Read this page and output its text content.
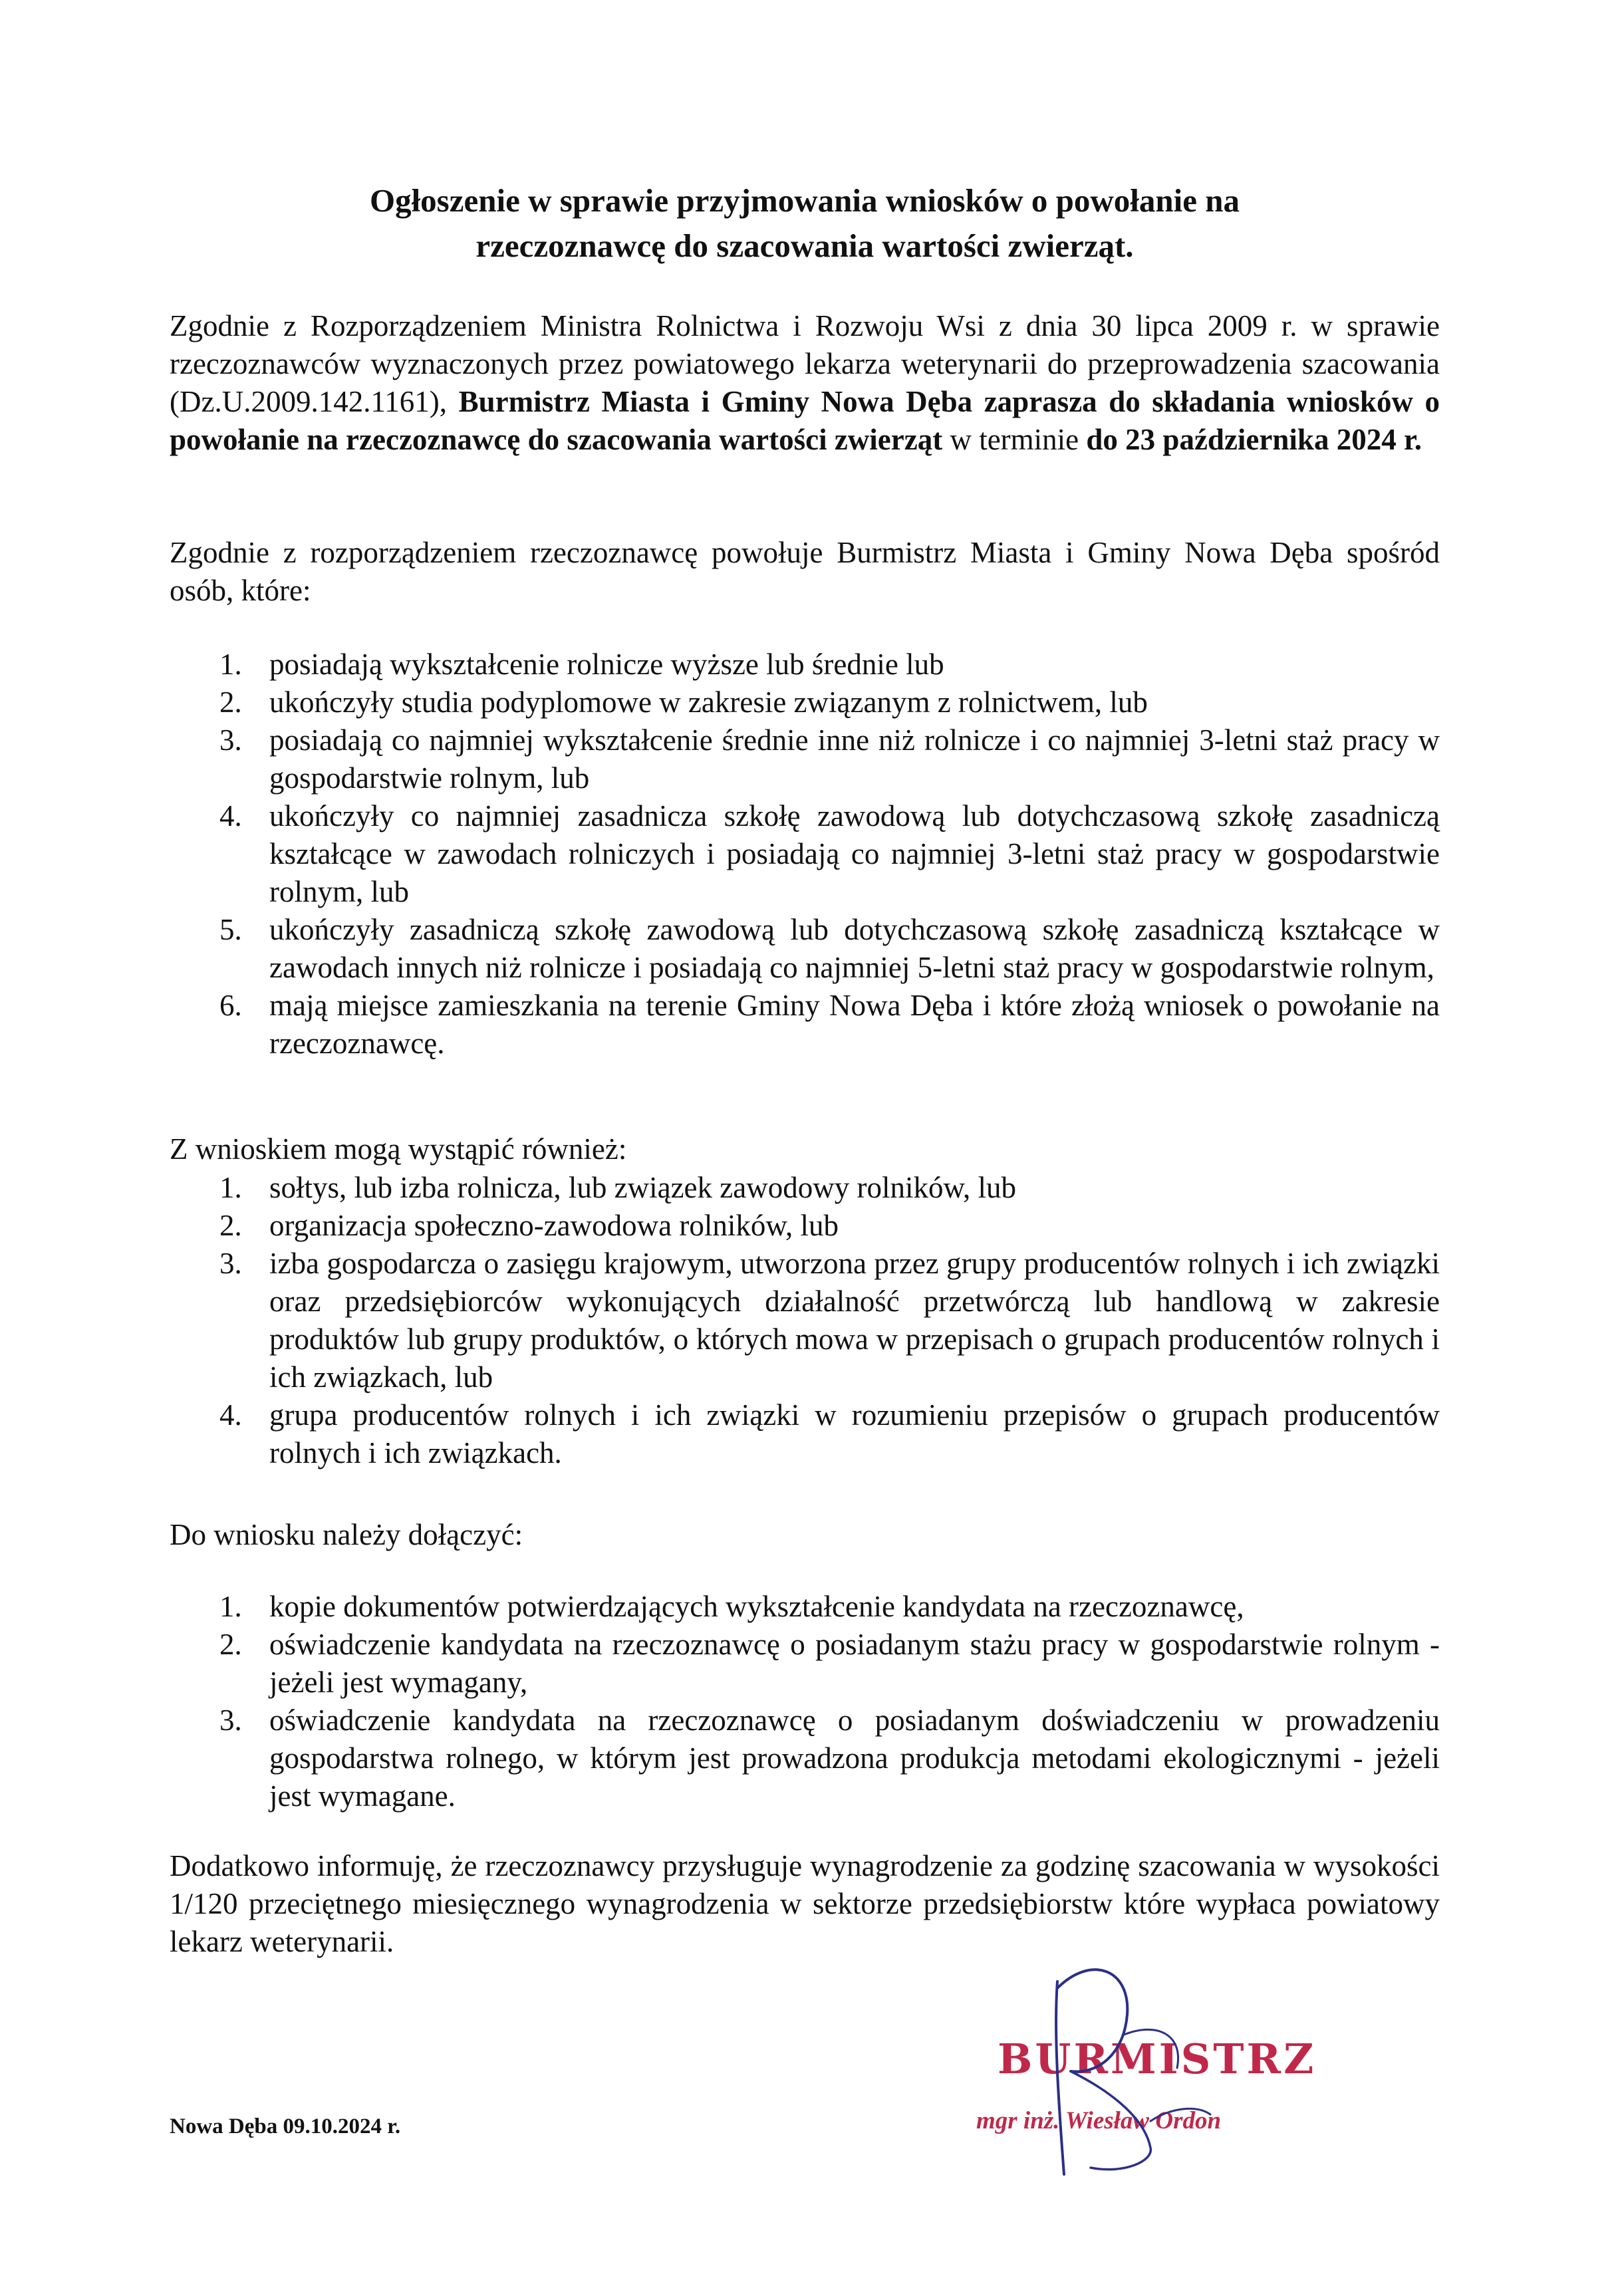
Ogłoszenie w sprawie przyjmowania wniosków o powołanie na
rzeczoznawcę do szacowania wartości zwierząt.

Zgodnie z Rozporządzeniem Ministra Rolnictwa i Rozwoju Wsi z dnia 30 lipca 2009 r. w sprawie rzeczoznawców wyznaczonych przez powiatowego lekarza weterynarii do przeprowadzenia szacowania (Dz.U.2009.142.1161), Burmistrz Miasta i Gminy Nowa Dęba zaprasza do składania wniosków o powołanie na rzeczoznawcę do szacowania wartości zwierząt w terminie do 23 października 2024 r.

Zgodnie z rozporządzeniem rzeczoznawcę powołuje Burmistrz Miasta i Gminy Nowa Dęba spośród osób, które:

1. posiadają wykształcenie rolnicze wyższe lub średnie lub
2. ukończyły studia podyplomowe w zakresie związanym z rolnictwem, lub
3. posiadają co najmniej wykształcenie średnie inne niż rolnicze i co najmniej 3-letni staż pracy w gospodarstwie rolnym, lub
4. ukończyły co najmniej zasadnicza szkołę zawodową lub dotychczasową szkołę zasadniczą kształcące w zawodach rolniczych i posiadają co najmniej 3-letni staż pracy w gospodarstwie rolnym, lub
5. ukończyły zasadniczą szkołę zawodową lub dotychczasową szkołę zasadniczą kształcące w zawodach innych niż rolnicze i posiadają co najmniej 5-letni staż pracy w gospodarstwie rolnym,
6. mają miejsce zamieszkania na terenie Gminy Nowa Dęba i które złożą wniosek o powołanie na rzeczoznawcę.

Z wnioskiem mogą wystąpić również:

1. sołtys, lub izba rolnicza, lub związek zawodowy rolników, lub
2. organizacja społeczno-zawodowa rolników, lub
3. izba gospodarcza o zasięgu krajowym, utworzona przez grupy producentów rolnych i ich związki oraz przedsiębiorców wykonujących działalność przetwórczą lub handlową w zakresie produktów lub grupy produktów, o których mowa w przepisach o grupach producentów rolnych i ich związkach, lub
4. grupa producentów rolnych i ich związki w rozumieniu przepisów o grupach producentów rolnych i ich związkach.

Do wniosku należy dołączyć:

1. kopie dokumentów potwierdzających wykształcenie kandydata na rzeczoznawcę,
2. oświadczenie kandydata na rzeczoznawcę o posiadanym stażu pracy w gospodarstwie rolnym - jeżeli jest wymagany,
3. oświadczenie kandydata na rzeczoznawcę o posiadanym doświadczeniu w prowadzeniu gospodarstwa rolnego, w którym jest prowadzona produkcja metodami ekologicznymi - jeżeli jest wymagane.

Dodatkowo informuję, że rzeczoznawcy przysługuje wynagrodzenie za godzinę szacowania w wysokości 1/120 przeciętnego miesięcznego wynagrodzenia w sektorze przedsiębiorstw które wypłaca powiatowy lekarz weterynarii.

Nowa Dęba 09.10.2024 r.

BURMISTRZ

mgr inż. Wiesław Ordon
